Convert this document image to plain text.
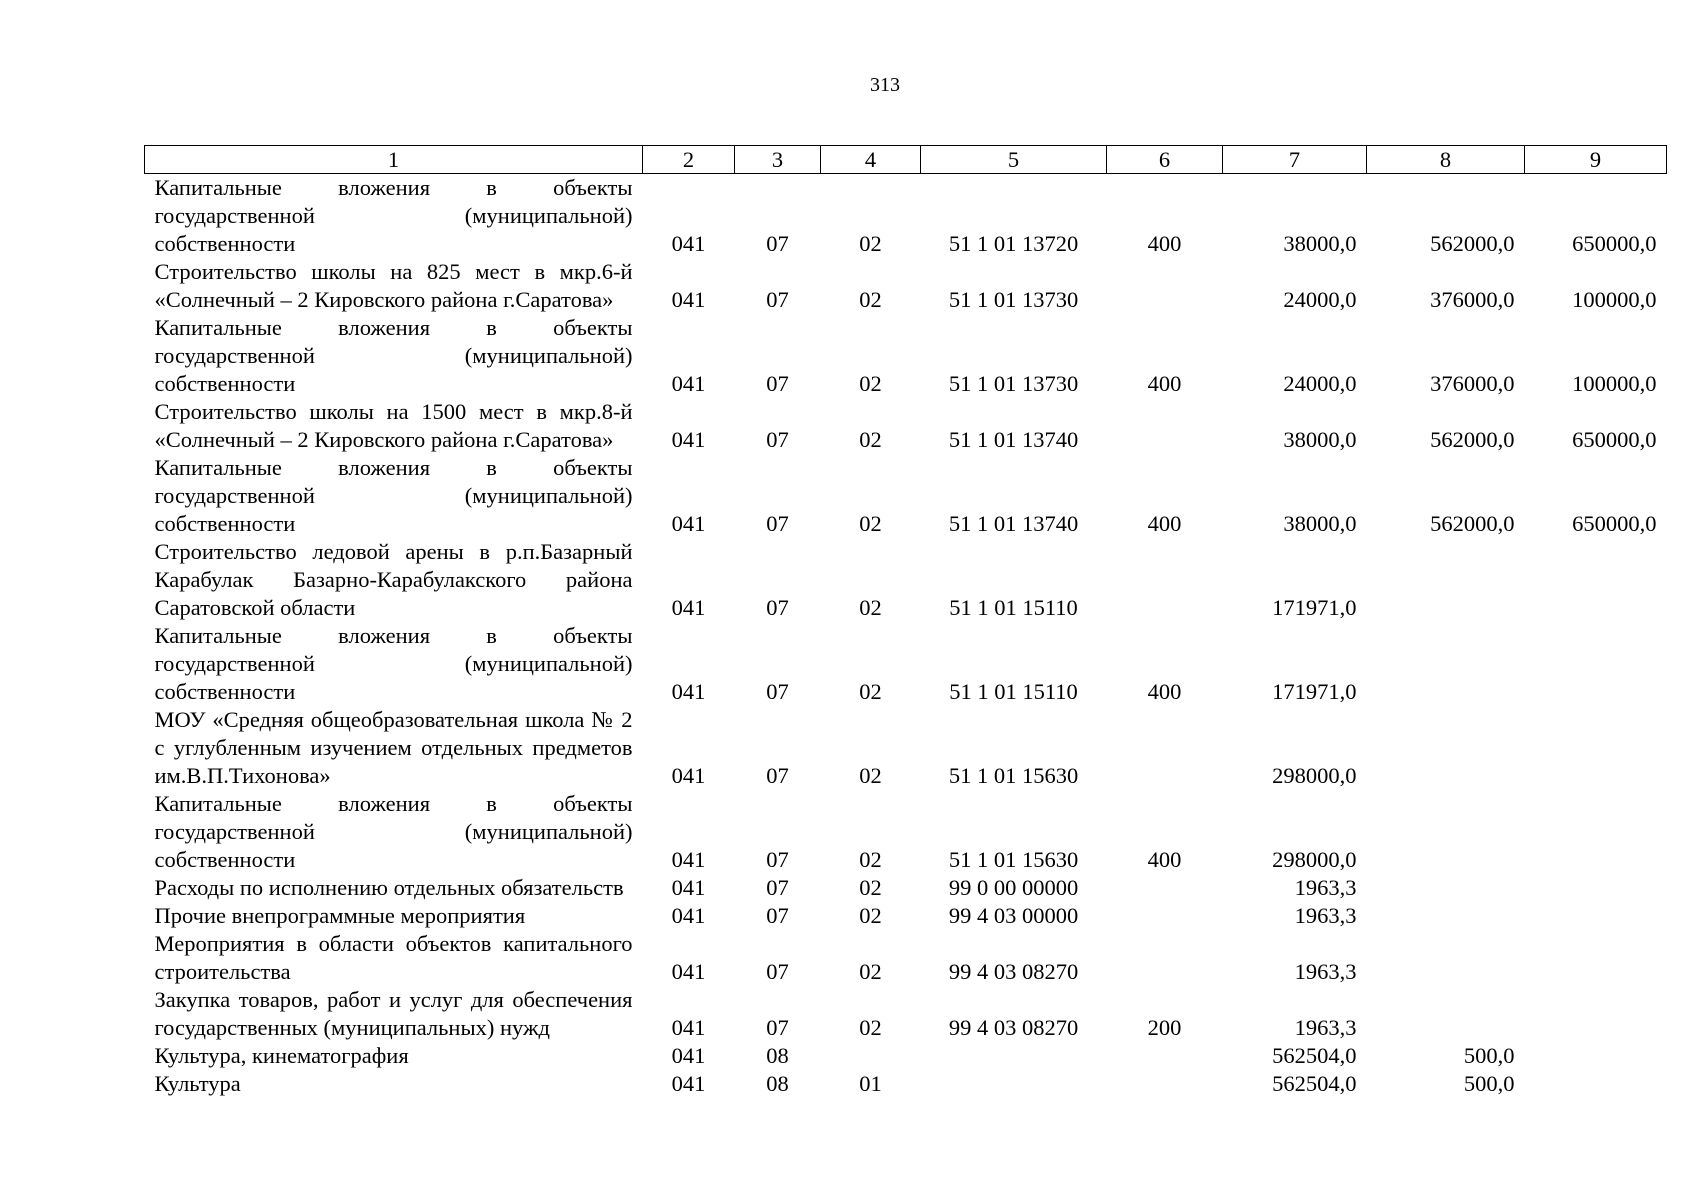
313
1	2	3	4	5	6	7	8	9
Капитальные вложения в объекты государственной (муниципальной) собственности	041	07	02	51 1 01 13720	400	38000,0	562000,0	650000,0
Строительство школы на 825 мест в мкр.6-й «Солнечный – 2 Кировского района г.Саратова»	041	07	02	51 1 01 13730		24000,0	376000,0	100000,0
Капитальные вложения в объекты государственной (муниципальной) собственности	041	07	02	51 1 01 13730	400	24000,0	376000,0	100000,0
Строительство школы на 1500 мест в мкр.8-й «Солнечный – 2 Кировского района г.Саратова»	041	07	02	51 1 01 13740		38000,0	562000,0	650000,0
Капитальные вложения в объекты государственной (муниципальной) собственности	041	07	02	51 1 01 13740	400	38000,0	562000,0	650000,0
Строительство ледовой арены в р.п.Базарный Карабулак Базарно-Карабулакского района Саратовской области	041	07	02	51 1 01 15110		171971,0		
Капитальные вложения в объекты государственной (муниципальной) собственности	041	07	02	51 1 01 15110	400	171971,0		
МОУ «Средняя общеобразовательная школа № 2 с углубленным изучением отдельных предметов им.В.П.Тихонова»	041	07	02	51 1 01 15630		298000,0		
Капитальные вложения в объекты государственной (муниципальной) собственности	041	07	02	51 1 01 15630	400	298000,0		
Расходы по исполнению отдельных обязательств	041	07	02	99 0 00 00000		1963,3		
Прочие внепрограммные мероприятия	041	07	02	99 4 03 00000		1963,3		
Мероприятия в области объектов капитального строительства	041	07	02	99 4 03 08270		1963,3		
Закупка товаров, работ и услуг для обеспечения государственных (муниципальных) нужд	041	07	02	99 4 03 08270	200	1963,3		
Культура, кинематография	041	08				562504,0	500,0	
Культура	041	08	01			562504,0	500,0	
